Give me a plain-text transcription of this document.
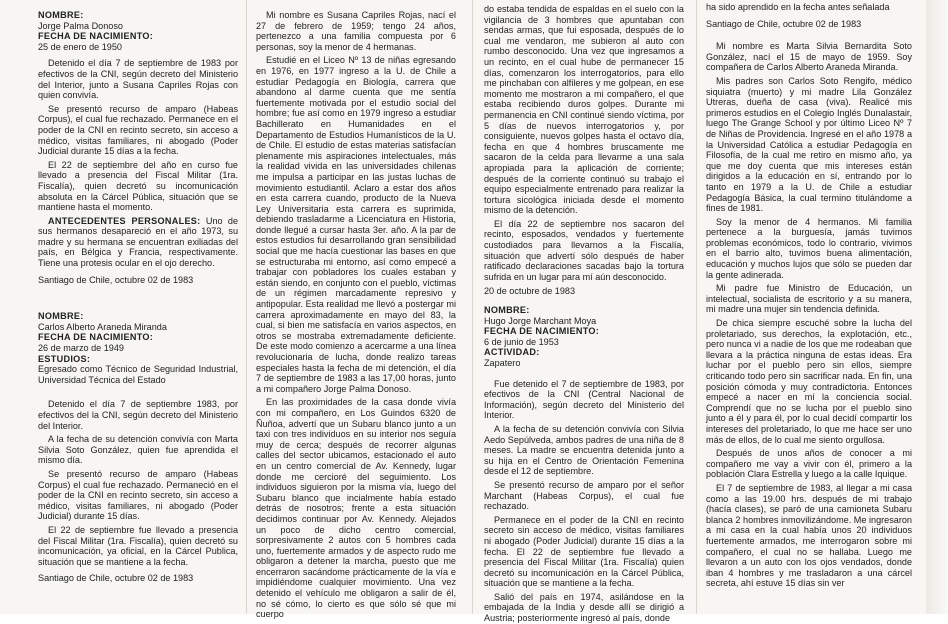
NOMBRE:
Jorge Palma Donoso
FECHA DE NACIMIENTO:
25 de enero de 1950

Detenido el día 7 de septiembre de 1983 por efectivos de la CNI, según decreto del Ministerio del Interior, junto a Susana Capriles Rojas con quien convivía.

Se presentó recurso de amparo (Habeas Corpus), el cual fue rechazado. Permanece en el poder de la CNI en recinto secreto, sin acceso a médico, visitas familiares, ni abogado (Poder Judicial durante 15 días a la fecha.

El 22 de septiembre del año en curso fue llevado a presencia del Fiscal Militar (1ra. Fiscalía), quien decretó su incomunicación absoluta en la Cárcel Pública, situación que se mantiene hasta el momento.

ANTECEDENTES PERSONALES: Uno de sus hermanos desapareció en el año 1973, su madre y su hermana se encuentran exiliadas del país, en Bélgica y Francia, respectivamente. Tiene una protesis ocular en el ojo derecho.

Santiago de Chile, octubre 02 de 1983
NOMBRE:
Carlos Alberto Araneda Miranda
FECHA DE NACIMIENTO:
26 de marzo de 1949
ESTUDIOS:
Egresado como Técnico de Seguridad Industrial, Universidad Técnica del Estado

Detenido el día 7 de septiembre 1983, por efectivos del la CNI, según decreto del Ministerio del Interior.

A la fecha de su detención convivía con Marta Silvia Soto González, quien fue aprendida el mismo día.

Se presentó recurso de amparo (Habeas Corpus) el cual fue rechazado. Permaneció en el poder de la CNI en recinto secreto, sin acceso a médico, visitas familiares, ni abogado (Poder Judicial) durante 15 días.

El 22 de septiembre fue llevado a presencia del Fiscal Militar (1ra. Fiscalía), quien decretó su incomunicación, ya oficial, en la Cárcel Publica, situación que se mantiene a la fecha.

Santiago de Chile, octubre 02 de 1983

Mi nombre es Susana Capriles Rojas, nací el 27 de febrero de 1959; tengo 24 años, pertenezco a una familia compuesta por 6 personas, soy la menor de 4 hermanas.

Estudié en el Liceo Nº 13 de niñas egresando en 1976, en 1977 ingreso a la U. de Chile a estudiar Pedagogía en Biología, carrera que abandono al darme cuenta que me sentía fuertemente motivada por el estudio social del hombre; fue así como en 1979 ingreso a estudiar Bachillerato en Humanidades en el Departamento de Estudios Humanísticos de la U. de Chile. El estudio de estas materias satisfacían plenamente mis aspiraciones intelectuales, más la realidad vivida en las universidades chilenas me impulsa a participar en las justas luchas de movimiento estudiantil. Aclaro a estar dos años en esta carrera cuando, producto de la Nueva Ley Universitaria esta carrera es suprimida, debiendo trasladarme a Licenciatura en Historia, donde llegué a cursar hasta 3er. año. A la par de estos estudios fui desarrollando gran sensibilidad social que me hacía cuestionar las bases en que se estructuraba mi entorno, así como empecé a trabajar con pobladores los cuales estaban y están siendo, en conjunto con el pueblo, víctimas de un régimen marcadamente represivo y antipopular. Esta realidad me llevó a postergar mi carrera aproximadamente en mayo del 83, la cual, si bien me satisfacía en varios aspectos, en otros se mostraba extremadamente deficiente. De este modo comienzo a acercarme a una línea revolucionaria de lucha, donde realizo tareas especiales hasta la fecha de mi detención, el día 7 de septiembre de 1983 a las 17,00 horas, junto a mi compañero Jorge Palma Donoso.

En las proximidades de la casa donde vivía con mi compañero, en Los Guindos 6320 de Ñuñoa, advertí que un Subaru blanco junto a un taxi con tres individuos en su interior nos seguía muy de cerca; después de recorrer algunas calles del sector ubicamos, estacionado el auto en un centro comercial de Av. Kennedy, lugar donde me cercioré del seguimiento. Los individuos siguieron por la misma vía, luego del Subaru blanco que incialmente había estado detrás de nosotros; frente a esta situación decidimos continuar por Av. Kennedy. Alejados un poco de dicho centro comercial, sorpresivamente 2 autos con 5 hombres cada uno, fuertemente armados y de aspecto rudo me obligaron a detener la marcha, puesto que me encerraron sacándome prácticamente de la vía e impidiéndome cualquier movimiento. Una vez detenido el vehículo me obligaron a salir de él, no sé cómo, lo cierto es que sólo sé que mi cuerpo

do estaba tendida de espaldas en el suelo con la vigilancia de 3 hombres que apuntaban con sendas armas, que fui esposada, después de lo cual me vendaron, me subieron al auto con rumbo desconocido. Una vez que ingresamos a un recinto, en el cual hube de permanecer 15 días, comenzaron los interrogatorios, para ello me pinchaban con alfileres y me golpean, en ese momento me mostraron a mi compañero, el que estaba recibiendo duros golpes. Durante mi permanencia en CNI continué siendo víctima, por 5 días de nuevos interrogatorios y, por consiguiente, nuevos golpes hasta el octavo día, fecha en que 4 hombres bruscamente me sacaron de la celda para llevarme a una sala apropiada para la aplicación de corriente; después de la corriente continuó su trabajo el equipo especialmente entrenado para realizar la tortura sicológica iniciada desde el momento mismo de la detención.

El día 22 de septiembre nos sacaron del recinto, esposados, vendados y fuertemente custodiados para llevarnos a la Fiscalía, situación que advertí sólo después de haber ratificado declaraciones sacadas bajo la tortura sufrida en un lugar para mí aún desconocido.

20 de octubre de 1983
NOMBRE:
Hugo Jorge Marchant Moya
FECHA DE NACIMIENTO:
6 de junio de 1953
ACTIVIDAD:
Zapatero

Fue detenido el 7 de septiembre de 1983, por efectivos de la CNI (Central Nacional de Información), según decreto del Ministerio del Interior.

A la fecha de su detención convivía con Silvia Aedo Sepúlveda, ambos padres de una niña de 8 meses. La madre se encuentra detenida junto a su hija en el Centro de Orientación Femenina desde el 12 de septiembre.

Se presentó recurso de amparo por el señor Marchant (Habeas Corpus), el cual fue rechazado.

Permanece en el poder de la CNI en recinto secreto sin acceso de médico, visitas familiares ni abogado (Poder Judicial) durante 15 días a la fecha. El 22 de septiembre fue llevado a presencia del Fiscal Militar (1ra. Fiscalía) quien decretó su incomunicación en la Cárcel Pública, situación que se mantiene a la fecha.

Salió del país en 1974, asilándose en la embajada de la India y desde allí se dirigió a Austria; posteriormente ingresó al país, donde

ha sido aprendido en la fecha antes señalada

Santiago de Chile, octubre 02 de 1983

Mi nombre es Marta Silvia Bernardita Soto González, nací el 15 de mayo de 1959. Soy compañera de Carlos Alberto Araneda Miranda.

Mis padres son Carlos Soto Rengifo, médico siquiatra (muerto) y mi madre Lila González Utreras, dueña de casa (viva). Realicé mis primeros estudios en el Colegio Inglés Dunalastair, luego The Grange School y por último Liceo Nº 7 de Niñas de Providencia. Ingresé en el año 1978 a la Universidad Católica a estudiar Pedagogía en Filosofía, de la cual me retiro en mismo año, ya que me doy cuenta que mis intereses están dirigidos a la educación en sí, entrando por lo tanto en 1979 a la U. de Chile a estudiar Pedagogía Básica, la cual termino titulándome a fines de 1981.

Soy la menor de 4 hermanos. Mi familia pertenece a la burguesía, jamás tuvimos problemas económicos, todo lo contrario, vivimos en el barrio alto, tuvimos buena alimentación, educación y muchos lujos que sólo se pueden dar la gente adinerada.

Mi padre fue Ministro de Educación, un intelectual, socialista de escritorio y a su manera, mi madre una mujer sin tendencia definida.

De chica siempre escuché sobre la lucha del proletariado, sus derechos, la explotación, etc., pero nunca vi a nadie de los que me rodeaban que llevara a la práctica ninguna de estas ideas. Era luchar por el pueblo pero sin ellos, siempre criticando todo pero sin sacrificar nada. En fin, una posición cómoda y muy contradictoria. Entonces empecé a nacer en mí la conciencia social. Comprendí que no se lucha por el pueblo sino junto a él y para él, por lo cual decidí compartir los intereses del proletariado, lo que me hace ser uno más de ellos, de lo cual me siento orgullosa.

Después de unos años de conocer a mi compañero me vay a vivir con él, primero a la población Clara Estrella y luego a la calle Iquique.

El 7 de septiembre de 1983, al llegar a mi casa como a las 19.00 hrs. después de mi trabajo (hacía clases), se paró de una camioneta Subaru blanca 2 hombres inmovilizándome. Me ingresaron a mi casa en la cual había unos 20 individuos fuertemente armados, me interrogaron sobre mi compañero, el cual no se hallaba. Luego me llevaron a un auto con los ojos vendados, donde iban 4 hombres y me trasladaron a una cárcel secreta, ahí estuve 15 días sin ver
